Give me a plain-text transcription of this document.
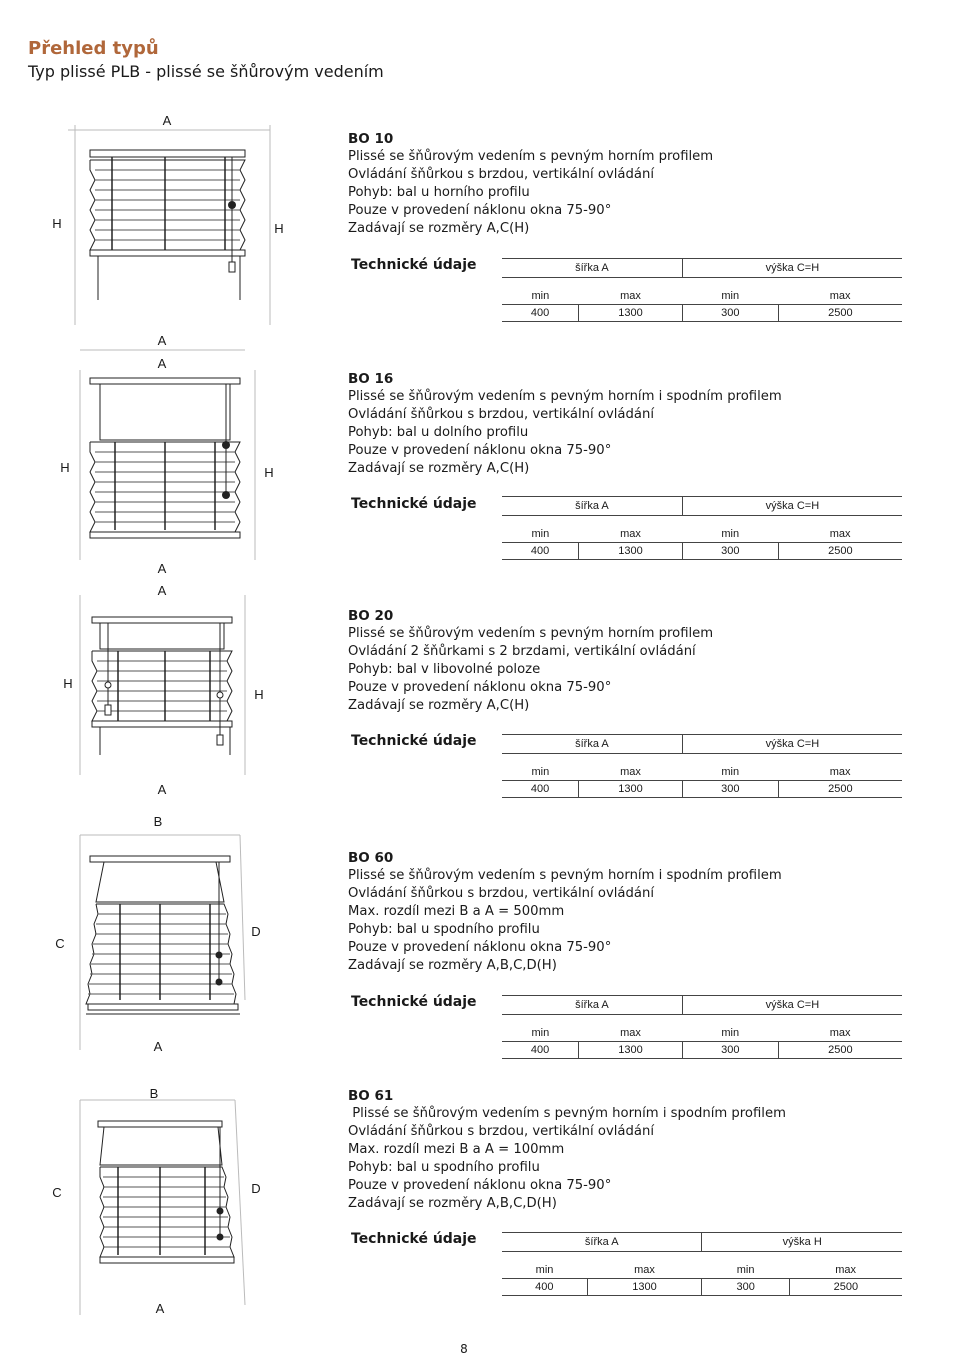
Přehled typů
Typ plissé PLB - plissé se šňůrovým vedením
A
H	H
A
A
H	H
A
A
H
H
A
B
C
D
A
B
C	D
A
BO 10
Plissé se šňůrovým vedením s pevným horním profilem
Ovládání šňůrkou s brzdou, vertikální ovládání
Pohyb: bal u horního profilu
Pouze v provedení náklonu okna 75-90°
Zadávají se rozměry A,C(H)
Technické údaje	šířka A		výška C=H	
min	max	min	max
400	1300	300	2500
BO 16
Plissé se šňůrovým vedením s pevným horním i spodním profilem
Ovládání šňůrkou s brzdou, vertikální ovládání
Pohyb: bal u dolního profilu
Pouze v provedení náklonu okna 75-90°
Zadávají se rozměry A,C(H)
Technické údaje	šířka A		výška C=H	
min	max	min	max
400	1300	300	2500
BO 20
Plissé se šňůrovým vedením s pevným horním profilem
Ovládání 2 šňůrkami s 2 brzdami, vertikální ovládání
Pohyb: bal v libovolné poloze
Pouze v provedení náklonu okna 75-90°
Zadávají se rozměry A,C(H)
Technické údaje	šířka A		výška C=H	
min	max	min	max
400	1300	300	2500
BO 60
Plissé se šňůrovým vedením s pevným horním i spodním profilem
Ovládání šňůrkou s brzdou, vertikální ovládání
Max. rozdíl mezi B a A = 500mm
Pohyb: bal u spodního profilu
Pouze v provedení náklonu okna 75-90°
Zadávají se rozměry A,B,C,D(H)
Technické údaje	šířka A		výška C=H	
min	max	min	max
400	1300	300	2500
BO 61
Plissé se šňůrovým vedením s pevným horním i spodním profilem
Ovládání šňůrkou s brzdou, vertikální ovládání
Max. rozdíl mezi B a A = 100mm
Pohyb: bal u spodního profilu
Pouze v provedení náklonu okna 75-90°
Zadávají se rozměry A,B,C,D(H)
Technické údaje	šířka A		výška H	
min	max	min	max
400	1300	300	2500
8
